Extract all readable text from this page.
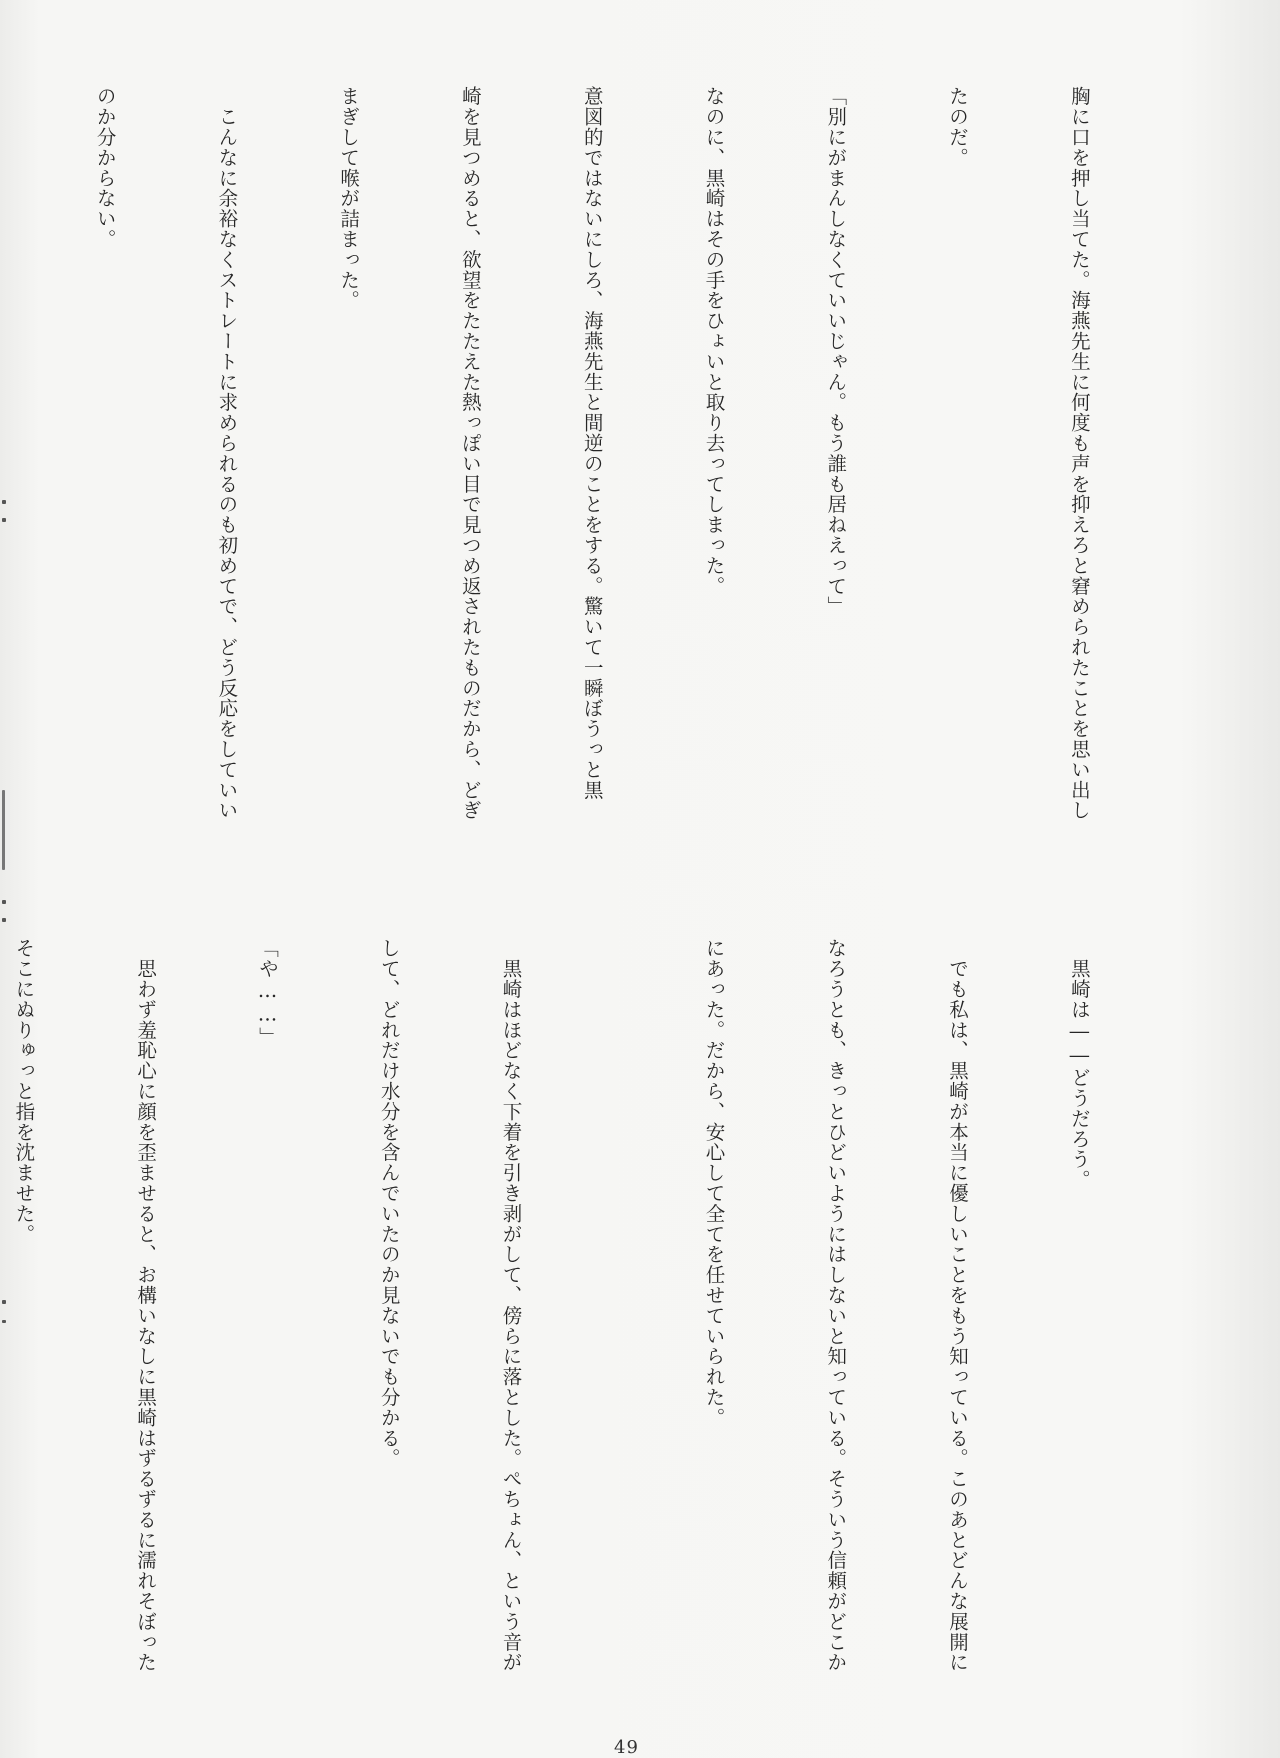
胸に口を押し当てた。海燕先生に何度も声を抑えろと窘められたことを思い出し

たのだ。

「別にがまんしなくていいじゃん。もう誰も居ねえって」

なのに、黒崎はその手をひょいと取り去ってしまった。

意図的ではないにしろ、海燕先生と間逆のことをする。驚いて一瞬ぼうっと黒

崎を見つめると、欲望をたたえた熱っぽい目で見つめ返されたものだから、どぎ

まぎして喉が詰まった。

　こんなに余裕なくストレートに求められるのも初めてで、どう反応をしていい

のか分からない。

　黒崎は――どうだろう。

　でも私は、黒崎が本当に優しいことをもう知っている。このあとどんな展開に

なろうとも、きっとひどいようにはしないと知っている。そういう信頼がどこか

にあった。だから、安心して全てを任せていられた。

　黒崎はほどなく下着を引き剥がして、傍らに落とした。ぺちょん、という音が

して、どれだけ水分を含んでいたのか見ないでも分かる。

「や……」

　思わず羞恥心に顔を歪ませると、お構いなしに黒崎はずるずるに濡れそぼった

そこにぬりゅっと指を沈ませた。

49
